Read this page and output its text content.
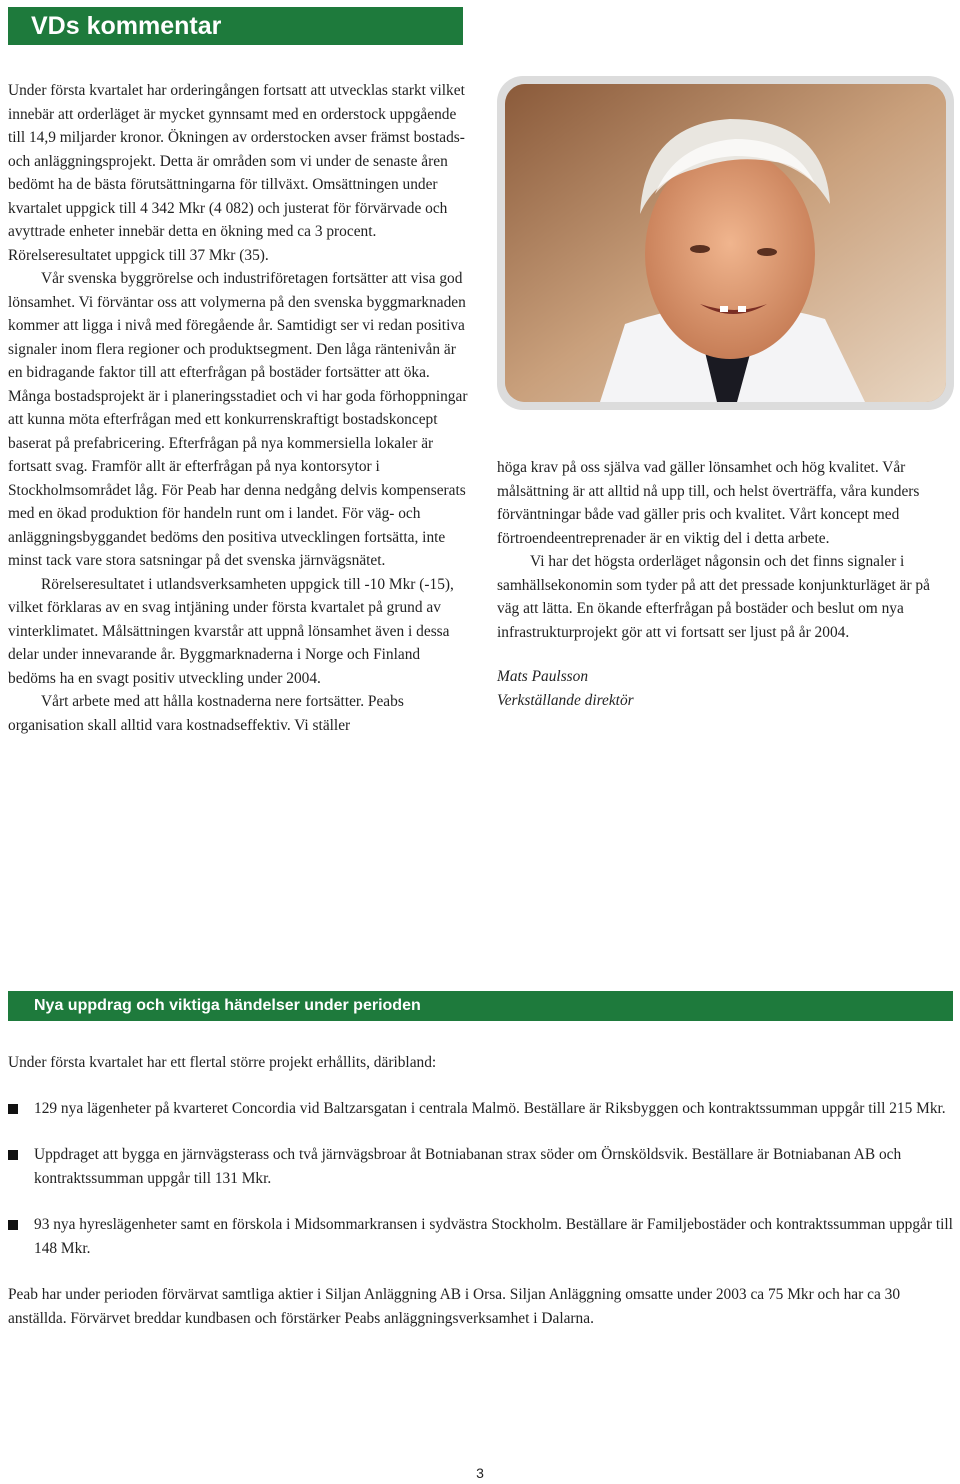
VDs kommentar

Under första kvartalet har orderingången fortsatt att utvecklas starkt vilket innebär att orderläget är mycket gynnsamt med en orderstock uppgående till 14,9 miljarder kronor. Ökningen av orderstocken avser främst bostads- och anläggningsprojekt. Detta är områden som vi under de senaste åren bedömt ha de bästa förutsättningarna för tillväxt. Omsättningen under kvartalet uppgick till 4 342 Mkr (4 082) och justerat för förvärvade och avyttrade enheter innebär detta en ökning med ca 3 procent. Rörelseresultatet uppgick till 37 Mkr (35).

Vår svenska byggrörelse och industriföretagen fortsätter att visa god lönsamhet. Vi förväntar oss att volymerna på den svenska byggmarknaden kommer att ligga i nivå med föregående år. Samtidigt ser vi redan positiva signaler inom flera regioner och produktsegment. Den låga räntenivån är en bidragande faktor till att efterfrågan på bostäder fortsätter att öka. Många bostadsprojekt är i planeringsstadiet och vi har goda förhoppningar att kunna möta efterfrågan med ett konkurrenskraftigt bostadskoncept baserat på prefabricering. Efterfrågan på nya kommersiella lokaler är fortsatt svag. Framför allt är efterfrågan på nya kontorsytor i Stockholmsområdet låg. För Peab har denna nedgång delvis kompenserats med en ökad produktion för handeln runt om i landet. För väg- och anläggningsbyggandet bedöms den positiva utvecklingen fortsätta, inte minst tack vare stora satsningar på det svenska järnvägsnätet.

Rörelseresultatet i utlandsverksamheten uppgick till -10 Mkr (-15), vilket förklaras av en svag intjäning under första kvartalet på grund av vinterklimatet. Målsättningen kvarstår att uppnå lönsamhet även i dessa delar under innevarande år. Byggmarknaderna i Norge och Finland bedöms ha en svagt positiv utveckling under 2004.

Vårt arbete med att hålla kostnaderna nere fortsätter. Peabs organisation skall alltid vara kostnadseffektiv. Vi ställer

höga krav på oss själva vad gäller lönsamhet och hög kvalitet. Vår målsättning är att alltid nå upp till, och helst överträffa, våra kunders förväntningar både vad gäller pris och kvalitet. Vårt koncept med förtroendeentreprenader är en viktig del i detta arbete.

Vi har det högsta orderläget någonsin och det finns signaler i samhällsekonomin som tyder på att det pressade konjunkturläget är på väg att lätta. En ökande efterfrågan på bostäder och beslut om nya infrastrukturprojekt gör att vi fortsatt ser ljust på år 2004.

Mats Paulsson

Verkställande direktör

Nya uppdrag och viktiga händelser under perioden

Under första kvartalet har ett flertal större projekt erhållits, däribland:

129 nya lägenheter på kvarteret Concordia vid Baltzarsgatan i centrala Malmö. Beställare är Riksbyggen och kontraktssumman uppgår till 215 Mkr.
Uppdraget att bygga en järnvägsterass och två järnvägsbroar åt Botniabanan strax söder om Örnsköldsvik. Beställare är Botniabanan AB och kontraktssumman uppgår till 131 Mkr.
93 nya hyreslägenheter samt en förskola i Midsommarkransen i sydvästra Stockholm. Beställare är Familjebostäder och kontraktssumman uppgår till 148 Mkr.

Peab har under perioden förvärvat samtliga aktier i Siljan Anläggning AB i Orsa. Siljan Anläggning omsatte under 2003 ca 75 Mkr och har ca 30 anställda. Förvärvet breddar kundbasen och förstärker Peabs anläggningsverksamhet i Dalarna.

3
